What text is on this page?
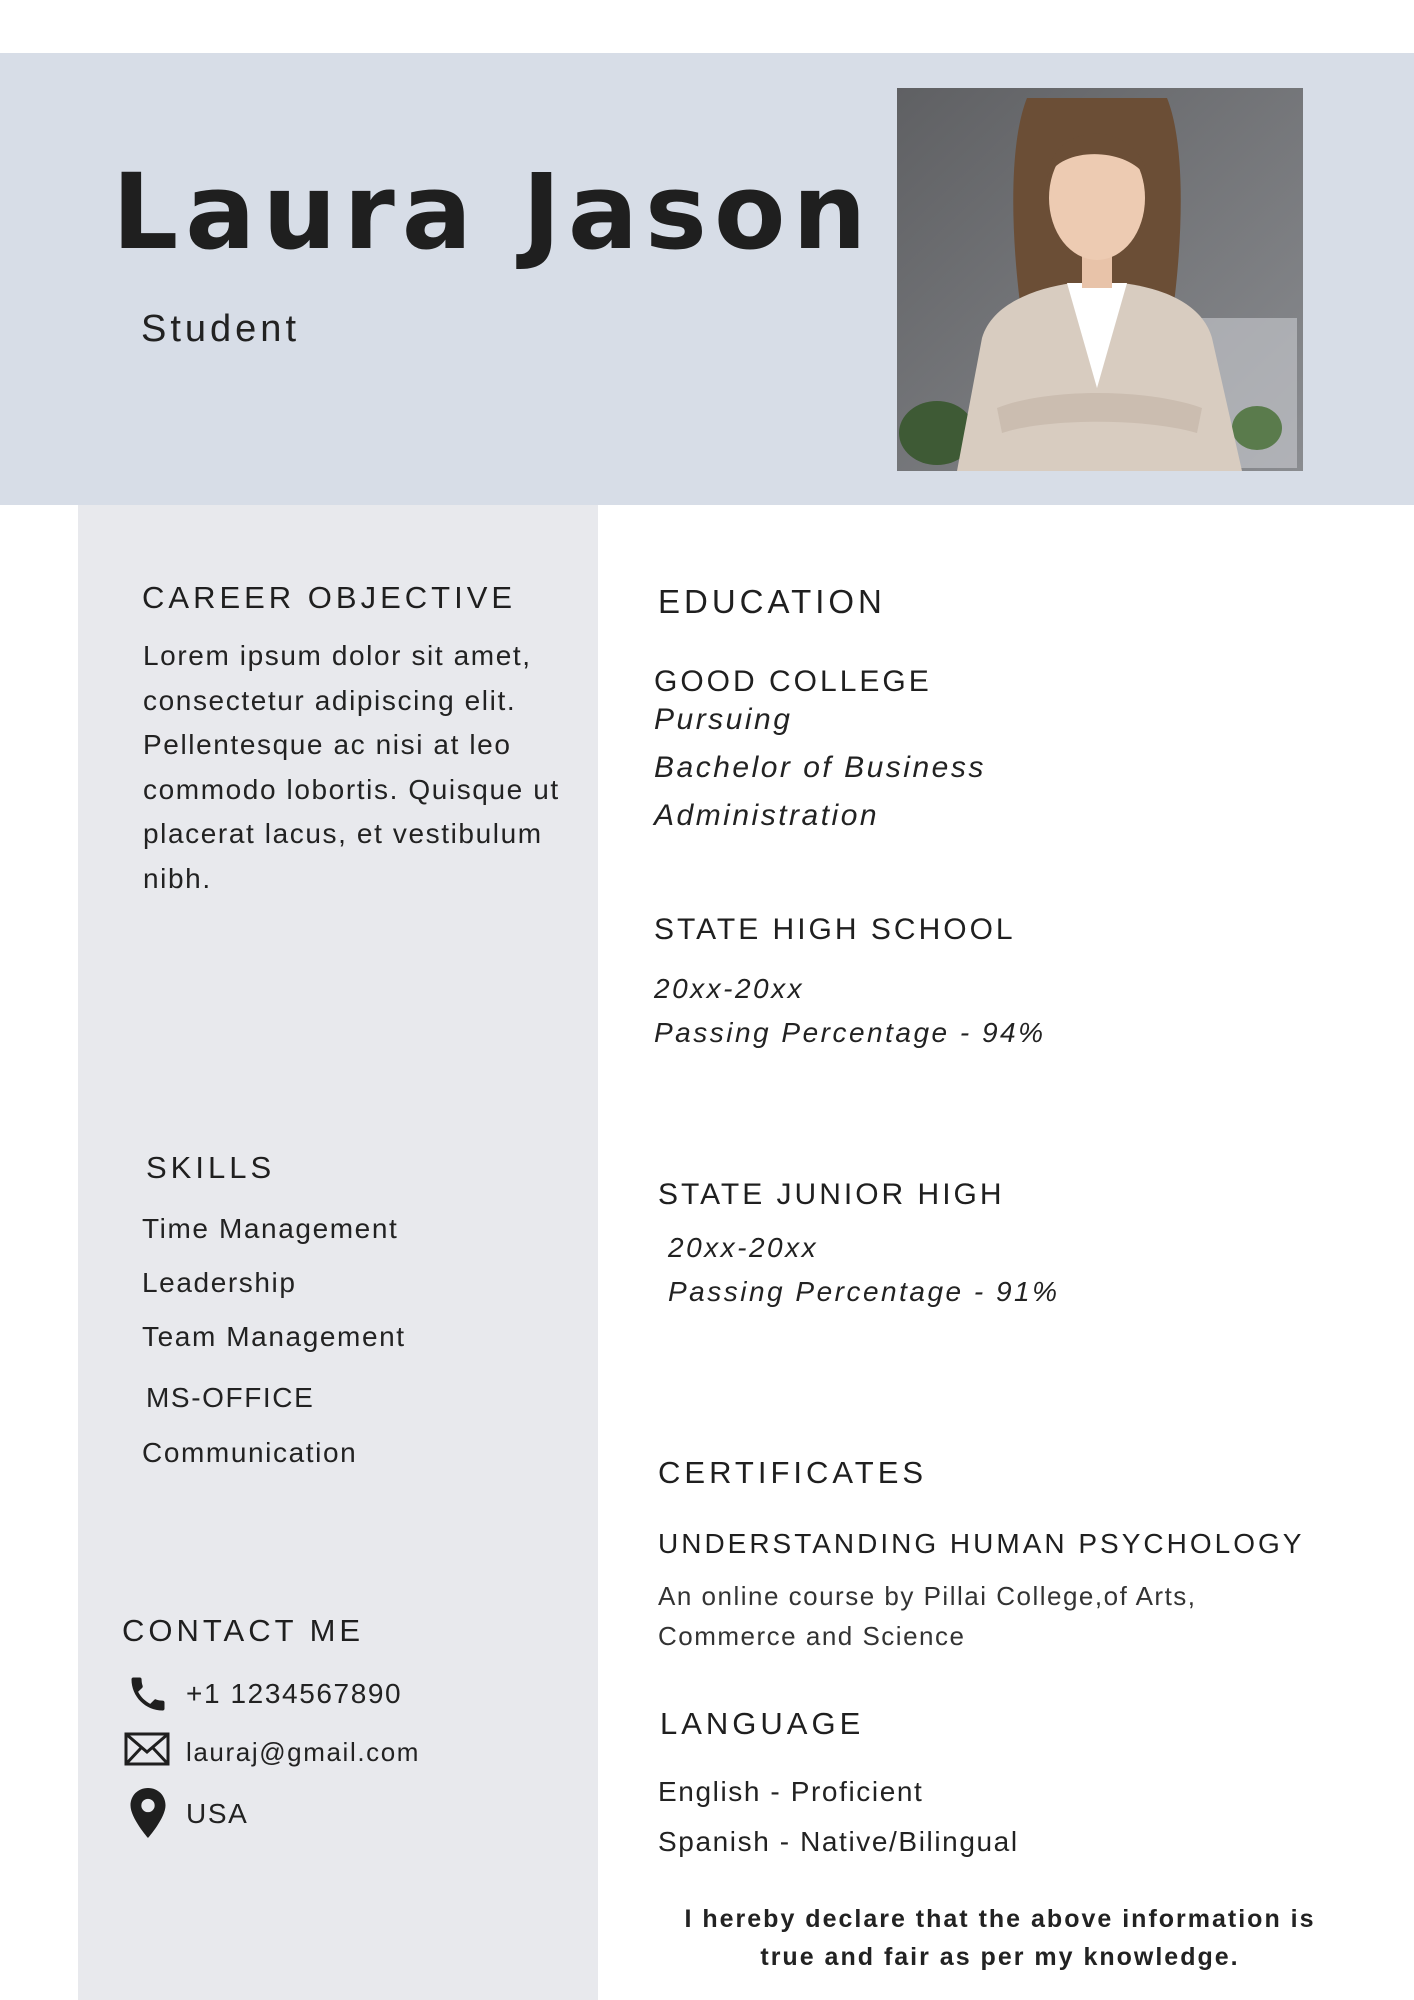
Laura Jason
Student
CAREER OBJECTIVE
Lorem ipsum dolor sit amet, consectetur adipiscing elit. Pellentesque ac nisi at leo commodo lobortis. Quisque ut placerat lacus, et vestibulum nibh.
SKILLS
Time Management
Leadership
Team Management
MS-OFFICE
Communication
CONTACT ME
+1 1234567890
lauraj@gmail.com
USA
EDUCATION
GOOD COLLEGE
Pursuing
Bachelor of Business
Administration
STATE HIGH SCHOOL
20xx-20xx
Passing Percentage - 94%
STATE JUNIOR HIGH
20xx-20xx
Passing Percentage - 91%
CERTIFICATES
UNDERSTANDING HUMAN PSYCHOLOGY
An online course by Pillai College,of Arts,
Commerce and Science
LANGUAGE
English - Proficient
Spanish - Native/Bilingual
I hereby declare that the above information is
true and fair as per my knowledge.
